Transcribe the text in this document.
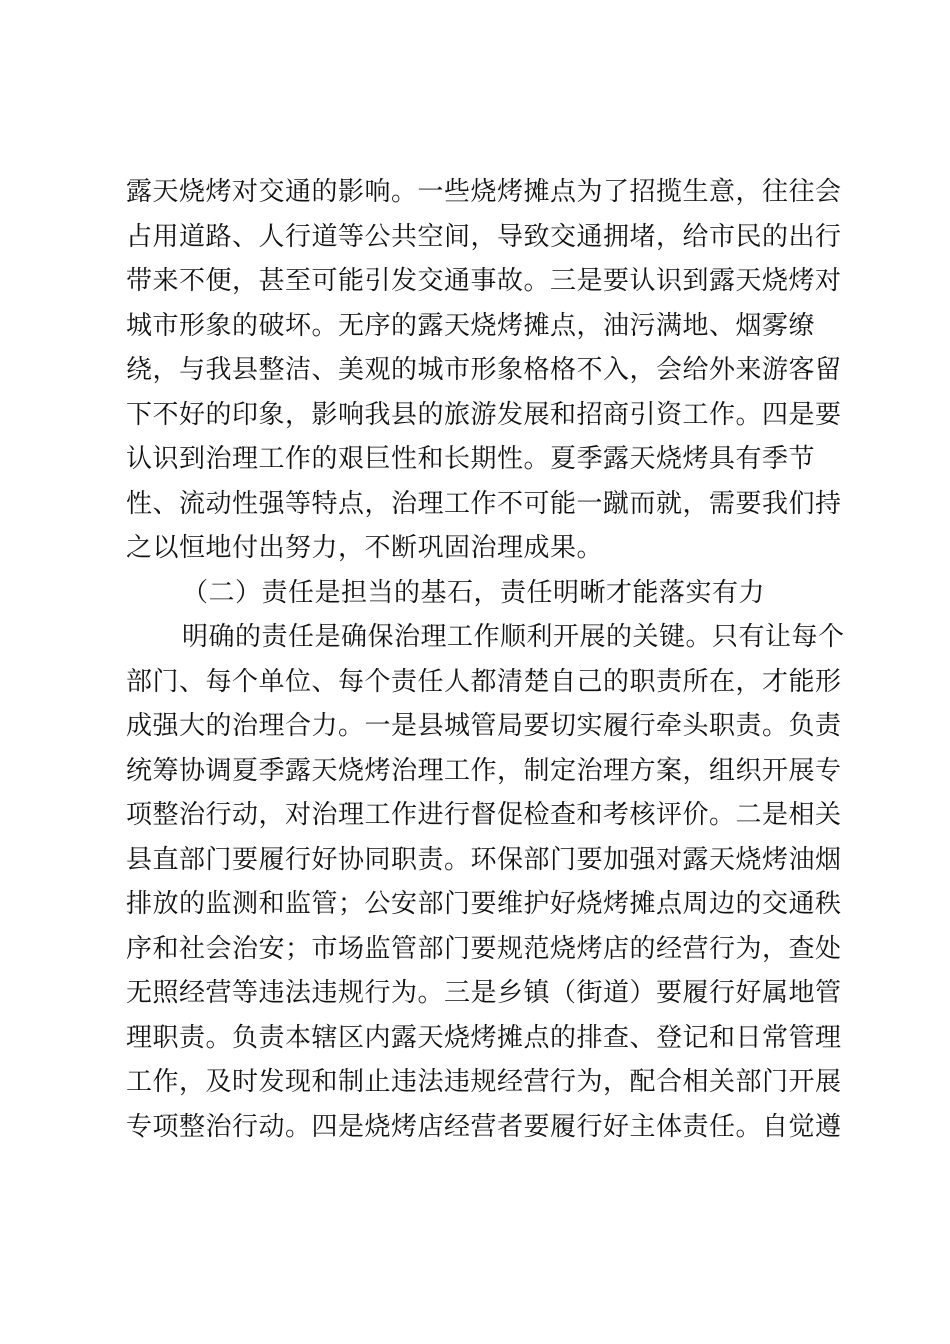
露天烧烤对交通的影响。一些烧烤摊点为了招揽生意，往往会
占用道路、人行道等公共空间，导致交通拥堵，给市民的出行
带来不便，甚至可能引发交通事故。三是要认识到露天烧烤对
城市形象的破坏。无序的露天烧烤摊点，油污满地、烟雾缭
绕，与我县整洁、美观的城市形象格格不入，会给外来游客留
下不好的印象，影响我县的旅游发展和招商引资工作。四是要
认识到治理工作的艰巨性和长期性。夏季露天烧烤具有季节
性、流动性强等特点，治理工作不可能一蹴而就，需要我们持
之以恒地付出努力，不断巩固治理成果。
（二）责任是担当的基石，责任明晰才能落实有力
明确的责任是确保治理工作顺利开展的关键。只有让每个
部门、每个单位、每个责任人都清楚自己的职责所在，才能形
成强大的治理合力。一是县城管局要切实履行牵头职责。负责
统筹协调夏季露天烧烤治理工作，制定治理方案，组织开展专
项整治行动，对治理工作进行督促检查和考核评价。二是相关
县直部门要履行好协同职责。环保部门要加强对露天烧烤油烟
排放的监测和监管；公安部门要维护好烧烤摊点周边的交通秩
序和社会治安；市场监管部门要规范烧烤店的经营行为，查处
无照经营等违法违规行为。三是乡镇（街道）要履行好属地管
理职责。负责本辖区内露天烧烤摊点的排查、登记和日常管理
工作，及时发现和制止违法违规经营行为，配合相关部门开展
专项整治行动。四是烧烤店经营者要履行好主体责任。自觉遵
